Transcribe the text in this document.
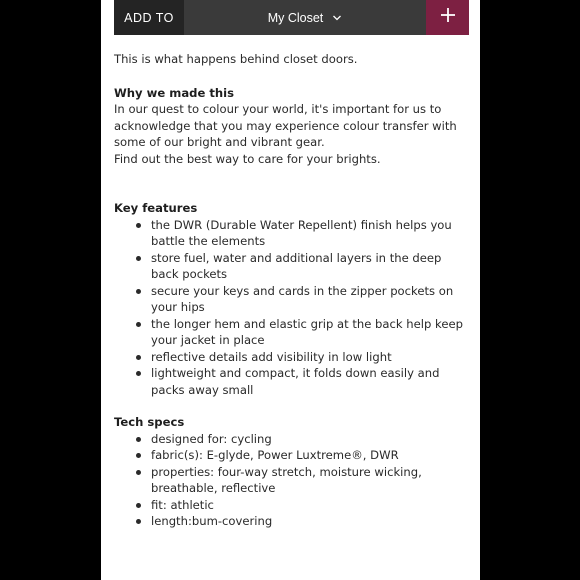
ADD TO	My Closet

This is what happens behind closet doors.

Why we made this

In our quest to colour your world, it's important for us to acknowledge that you may experience colour transfer with some of our bright and vibrant gear.

Find out the best way to care for your brights.

Key features

the DWR (Durable Water Repellent) finish helps you battle the elements
store fuel, water and additional layers in the deep back pockets
secure your keys and cards in the zipper pockets on your hips
the longer hem and elastic grip at the back help keep your jacket in place
reflective details add visibility in low light
lightweight and compact, it folds down easily and packs away small

Tech specs

designed for: cycling
fabric(s): E-glyde, Power Luxtreme®, DWR
properties: four-way stretch, moisture wicking, breathable, reflective
fit: athletic
length:bum-covering
